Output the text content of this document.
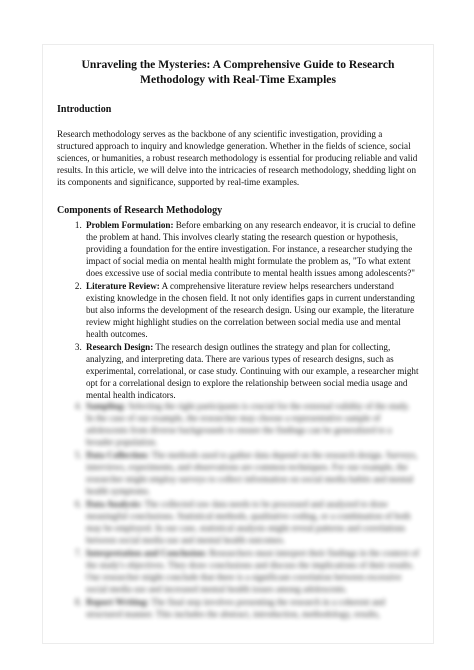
Unraveling the Mysteries: A Comprehensive Guide to Research Methodology with Real-Time Examples
Introduction
Research methodology serves as the backbone of any scientific investigation, providing a structured approach to inquiry and knowledge generation. Whether in the fields of science, social sciences, or humanities, a robust research methodology is essential for producing reliable and valid results. In this article, we will delve into the intricacies of research methodology, shedding light on its components and significance, supported by real-time examples.
Components of Research Methodology
1. Problem Formulation: Before embarking on any research endeavor, it is crucial to define the problem at hand. This involves clearly stating the research question or hypothesis, providing a foundation for the entire investigation. For instance, a researcher studying the impact of social media on mental health might formulate the problem as, "To what extent does excessive use of social media contribute to mental health issues among adolescents?"
2. Literature Review: A comprehensive literature review helps researchers understand existing knowledge in the chosen field. It not only identifies gaps in current understanding but also informs the development of the research design. Using our example, the literature review might highlight studies on the correlation between social media use and mental health outcomes.
3. Research Design: The research design outlines the strategy and plan for collecting, analyzing, and interpreting data. There are various types of research designs, such as experimental, correlational, or case study. Continuing with our example, a researcher might opt for a correlational design to explore the relationship between social media usage and mental health indicators.
4. Sampling: Selecting the right participants is crucial for the external validity of the study. In the case of our example, the researcher may choose a representative sample of adolescents from diverse backgrounds to ensure the findings can be generalized to a broader population.
5. Data Collection: The methods used to gather data depend on the research design. Surveys, interviews, experiments, and observations are common techniques. For our example, the researcher might employ surveys to collect information on social media habits and mental health symptoms.
6. Data Analysis: The collected raw data needs to be processed and analyzed to draw meaningful conclusions. Statistical methods, qualitative coding, or a combination of both may be employed. In our case, statistical analysis might reveal patterns and correlations between social media use and mental health outcomes.
7. Interpretation and Conclusion: Researchers must interpret their findings in the context of the study's objectives. They draw conclusions and discuss the implications of their results. Our researcher might conclude that there is a significant correlation between excessive social media use and increased mental health issues among adolescents.
8. Report Writing: The final step involves presenting the research in a coherent and structured manner. This includes the abstract, introduction, methodology, results,
